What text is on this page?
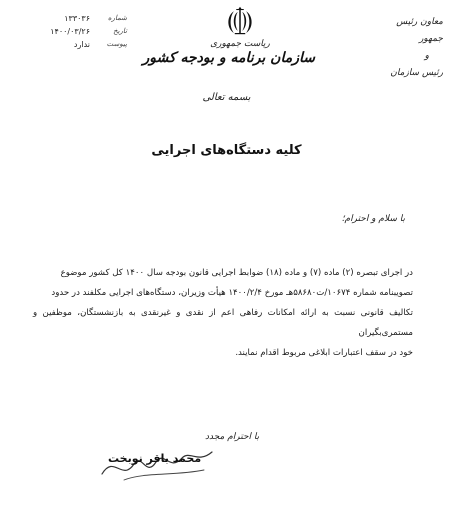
معاون رئیس جمهور
و
رئیس سازمان
ریاست جمهوری
سازمان برنامه و بودجه کشور
شماره
۱۳۳۰۳۶
تاریخ
۱۴۰۰/۰۳/۲۶
پیوست
ندارد
بسمه تعالی
کلیه دستگاه‌های اجرایی
با سلام و احترام؛
در اجرای تبصره (۲) ماده (۷) و ماده (۱۸) ضوابط اجرایی قانون بودجه سال ۱۴۰۰ کل کشور موضوع
تصویبنامه شماره ۱۰۶۷۴/ت۵۸۶۸۰هـ مورخ ۱۴۰۰/۲/۴ هیأت وزیران، دستگاه‌های اجرایی مکلفند در حدود
تکالیف قانونی نسبت به ارائه امکانات رفاهی اعم از نقدی و غیرنقدی به بازنشستگان، موظفین و مستمری‌بگیران
خود در سقف اعتبارات ابلاغی مربوط اقدام نمایند.
با احترام مجدد
محمد باقر نوبخت
